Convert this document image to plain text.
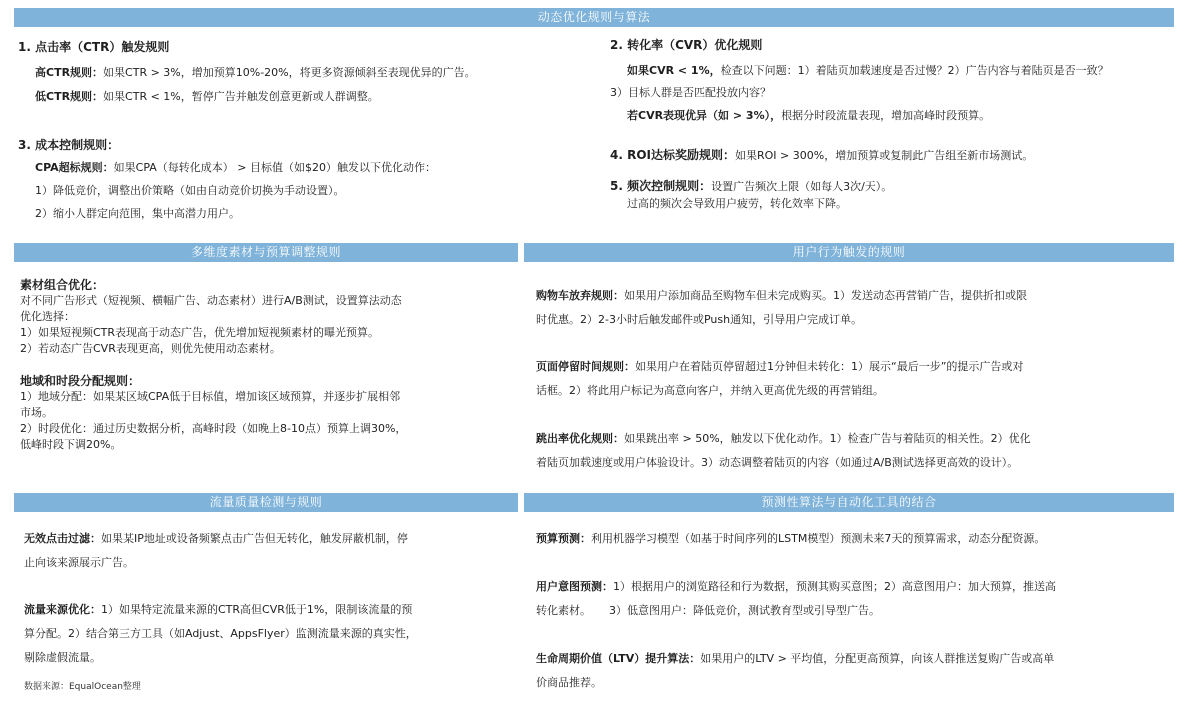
动态优化规则与算法
多维度素材与预算调整规则	用户行为触发的规则
流量质量检测与规则	预测性算法与自动化工具的结合
1. 点击率（CTR）触发规则
高CTR规则：如果CTR > 3%，增加预算10%-20%，将更多资源倾斜至表现优异的广告。
低CTR规则：如果CTR < 1%，暂停广告并触发创意更新或人群调整。
3. 成本控制规则：
CPA超标规则：如果CPA（每转化成本） > 目标值（如$20）触发以下优化动作：
1）降低竞价，调整出价策略（如由自动竞价切换为手动设置）。
2）缩小人群定向范围，集中高潜力用户。
2. 转化率（CVR）优化规则
如果CVR < 1%，检查以下问题：1）着陆页加载速度是否过慢？2）广告内容与着陆页是否一致？
3）目标人群是否匹配投放内容？
若CVR表现优异（如 > 3%），根据分时段流量表现，增加高峰时段预算。
4. ROI达标奖励规则：如果ROI > 300%，增加预算或复制此广告组至新市场测试。
5. 频次控制规则：设置广告频次上限（如每人3次/天）。
过高的频次会导致用户疲劳，转化效率下降。
素材组合优化：
对不同广告形式（短视频、横幅广告、动态素材）进行A/B测试，设置算法动态
优化选择：
1）如果短视频CTR表现高于动态广告，优先增加短视频素材的曝光预算。
2）若动态广告CVR表现更高，则优先使用动态素材。
地域和时段分配规则：
1）地域分配：如果某区域CPA低于目标值，增加该区域预算，并逐步扩展相邻
市场。
2）时段优化：通过历史数据分析，高峰时段（如晚上8-10点）预算上调30%，
低峰时段下调20%。
购物车放弃规则：如果用户添加商品至购物车但未完成购买。1）发送动态再营销广告，提供折扣或限
时优惠。2）2-3小时后触发邮件或Push通知，引导用户完成订单。
页面停留时间规则：如果用户在着陆页停留超过1分钟但未转化：1）展示“最后一步”的提示广告或对
话框。2）将此用户标记为高意向客户，并纳入更高优先级的再营销组。
跳出率优化规则：如果跳出率 > 50%，触发以下优化动作。1）检查广告与着陆页的相关性。2）优化
着陆页加载速度或用户体验设计。3）动态调整着陆页的内容（如通过A/B测试选择更高效的设计）。
无效点击过滤：如果某IP地址或设备频繁点击广告但无转化，触发屏蔽机制，停
止向该来源展示广告。
流量来源优化：1）如果特定流量来源的CTR高但CVR低于1%，限制该流量的预
算分配。2）结合第三方工具（如Adjust、AppsFlyer）监测流量来源的真实性，
剔除虚假流量。
数据来源：EqualOcean整理
预算预测：利用机器学习模型（如基于时间序列的LSTM模型）预测未来7天的预算需求，动态分配资源。
用户意图预测：1）根据用户的浏览路径和行为数据，预测其购买意图；2）高意图用户：加大预算，推送高
转化素材。 3）低意图用户：降低竞价，测试教育型或引导型广告。
生命周期价值（LTV）提升算法：如果用户的LTV > 平均值，分配更高预算，向该人群推送复购广告或高单
价商品推荐。
